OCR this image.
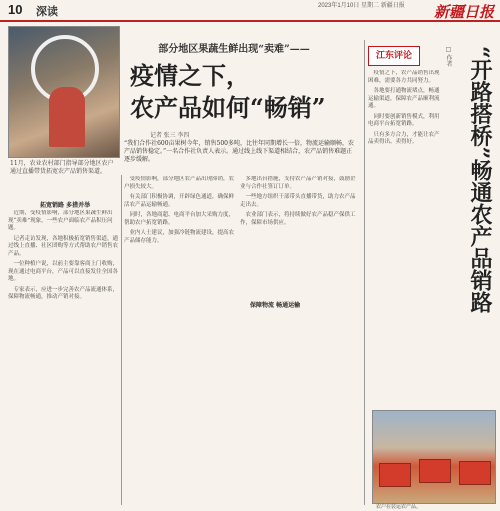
10 深读	2023年1月10日 星期二 新疆日报	新疆日报
11月，农业农村部门指导部分地区农户通过直播带货拓宽农产品销售渠道。
部分地区果蔬生鲜出现“卖难”——
疫情之下，
农产品如何“畅销”
记者 张三 李四
“我们合作社600亩果树今年，销售500多吨，比往年同期增长一倍，物流运输顺畅，农产品销售稳定。”一名合作社负责人表示。通过线上线下渠道相结合，农产品销售难题正逐步缓解。
拓宽销路 多措并举

近期，受疫情影响，部分地区果蔬生鲜出现“卖难”现象，一些农户面临农产品积压问题。

记者走访发现，各地积极拓宽销售渠道，通过线上直播、社区团购等方式帮助农户销售农产品。

一位种植户说，以前主要靠客商上门收购，现在通过电商平台，产品可以直接发往全国各地。

专家表示，应进一步完善农产品流通体系，保障物流畅通，推动产销对接。

受疫情影响，部分地区农产品出现滞销，农户损失较大。

有关部门积极协调，开辟绿色通道，确保鲜活农产品运输畅通。

同时，各地商超、电商平台加大采购力度，帮助农户拓宽销路。

业内人士建议，加强冷链物流建设，提高农产品储存能力。

保障物流 畅通运输

多地出台措施，支持农产品产销对接，鼓励企业与合作社签订订单。

一些地方组织干部带头直播带货，助力农产品走出去。

农业部门表示，将持续做好农产品稳产保供工作，保障市场供应。

江东评论	“开路搭桥”畅通农产品销路
□ 作者

疫情之下，农产品销售出现困难，需要各方共同努力。

各地要打通物流堵点，畅通运输渠道，保障农产品顺利流通。

同时要创新销售模式，利用电商平台拓宽销路。

只有多方合力，才能让农产品卖得出、卖得好。

农户在装运农产品。
